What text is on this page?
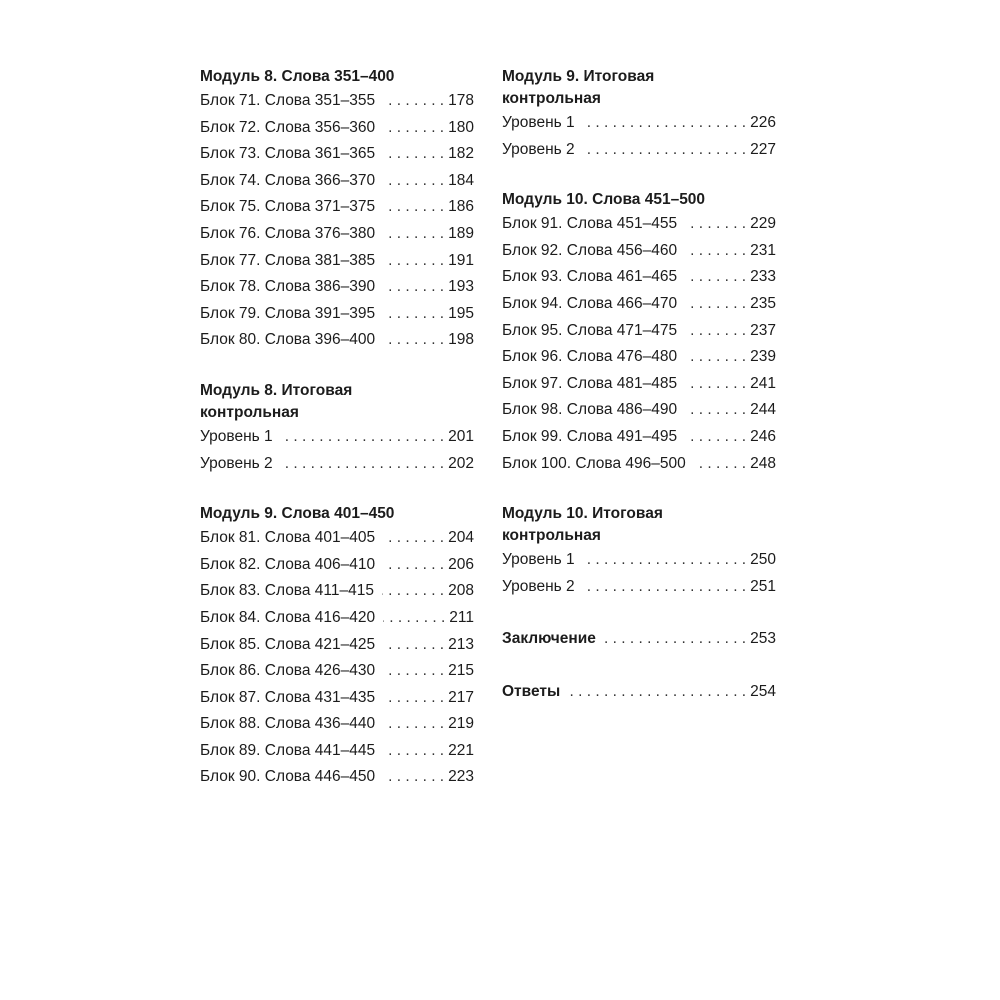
Модуль 8. Слова 351–400
Блок 71. Слова 351–355 . . .	178
Блок 72. Слова 356–360 . . .	180
Блок 73. Слова 361–365 . . .	182
Блок 74. Слова 366–370 . . .	184
Блок 75. Слова 371–375 . . .	186
Блок 76. Слова 376–380 . . .	189
Блок 77. Слова 381–385 . . .	191
Блок 78. Слова 386–390 . . .	193
Блок 79. Слова 391–395 . . .	195
Блок 80. Слова 396–400 . . .	198
Модуль 8. Итоговая
контрольная
Уровень 1 . . .	201
Уровень 2 . . .	202
Модуль 9. Слова 401–450
Блок 81. Слова 401–405 . . .	204
Блок 82. Слова 406–410 . . .	206
Блок 83. Слова 411–415 . . .	208
Блок 84. Слова 416–420 . . .	211
Блок 85. Слова 421–425 . . .	213
Блок 86. Слова 426–430 . . .	215
Блок 87. Слова 431–435 . . .	217
Блок 88. Слова 436–440 . . .	219
Блок 89. Слова 441–445 . . .	221
Блок 90. Слова 446–450 . . .	223
Модуль 9. Итоговая
контрольная
Уровень 1 . . .	226
Уровень 2 . . .	227
Модуль 10. Слова 451–500
Блок 91. Слова 451–455 . . .	229
Блок 92. Слова 456–460 . . .	231
Блок 93. Слова 461–465 . . .	233
Блок 94. Слова 466–470 . . .	235
Блок 95. Слова 471–475 . . .	237
Блок 96. Слова 476–480 . . .	239
Блок 97. Слова 481–485 . . .	241
Блок 98. Слова 486–490 . . .	244
Блок 99. Слова 491–495 . . .	246
Блок 100. Слова 496–500 . . .	248
Модуль 10. Итоговая
контрольная
Уровень 1 . . .	250
Уровень 2 . . .	251
Заключение . . .	253
Ответы . . .	254
